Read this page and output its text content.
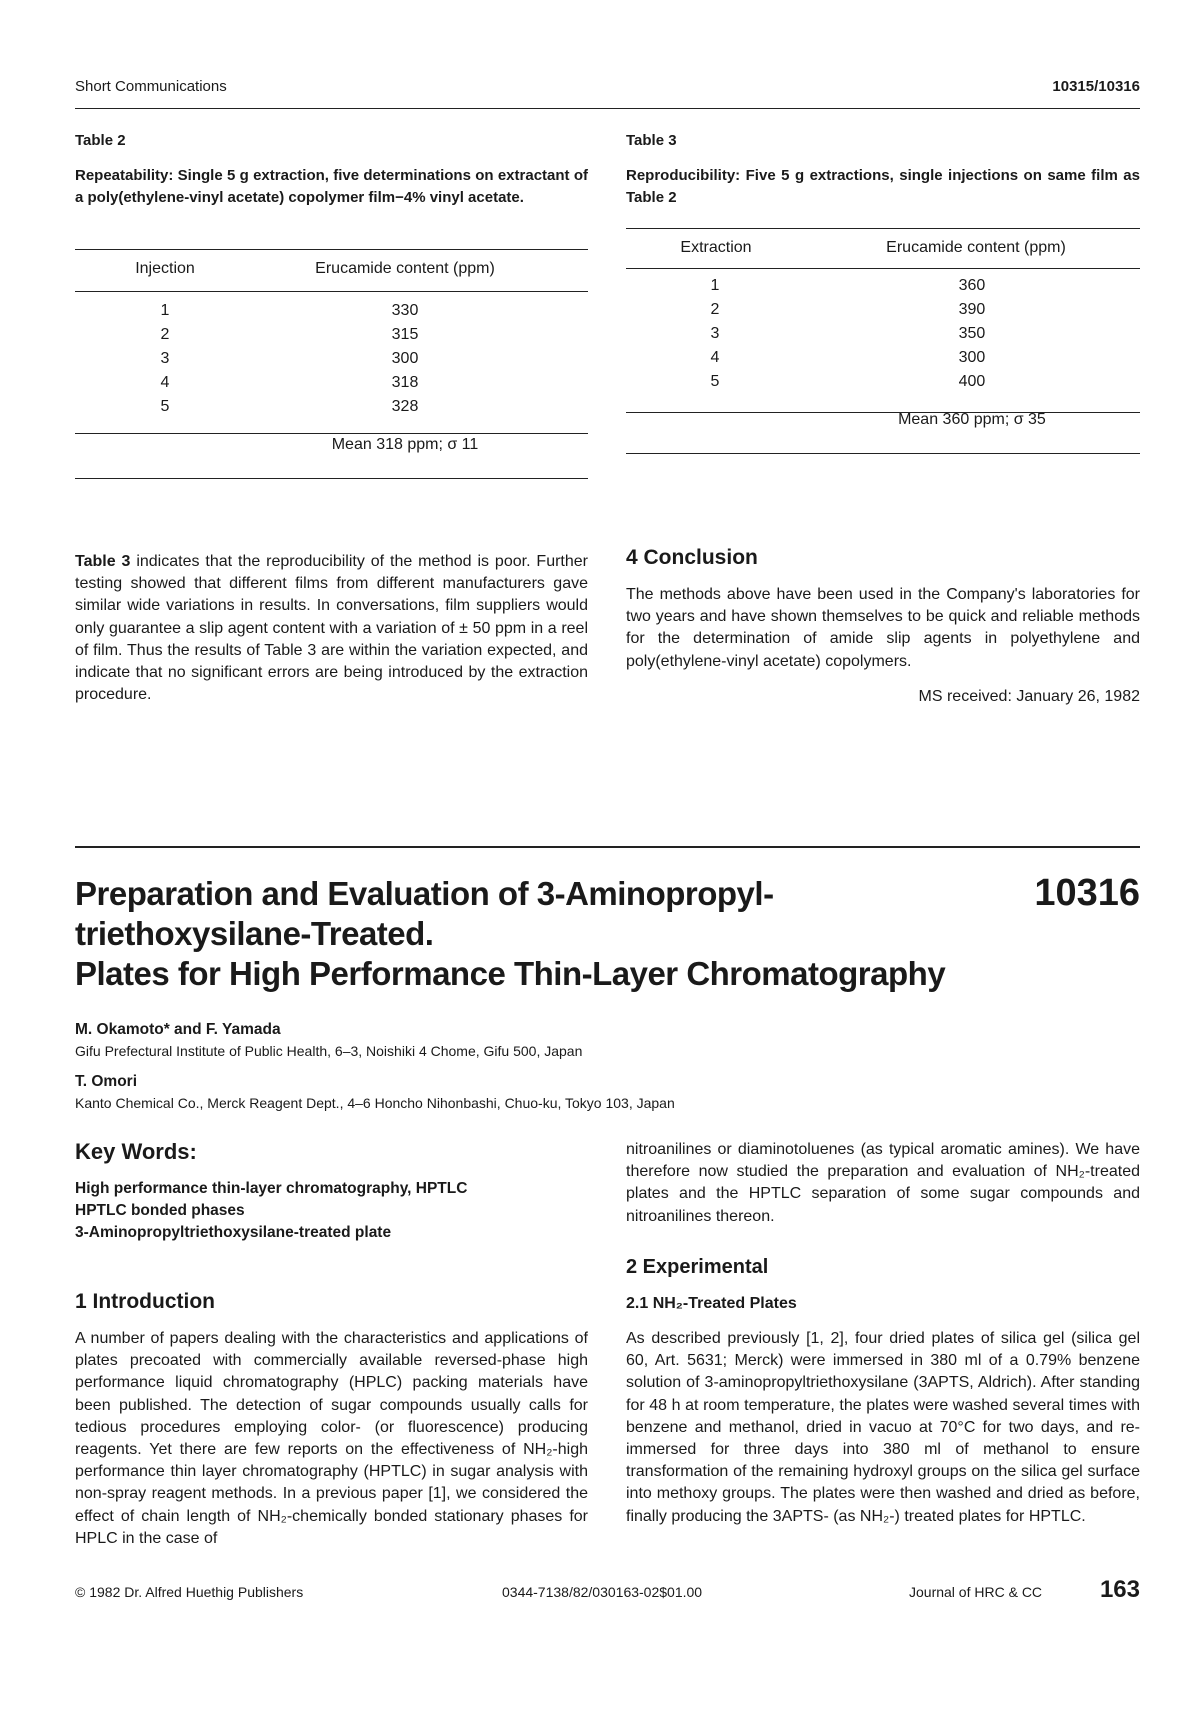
Short Communications	10315/10316
Table 2
Repeatability: Single 5 g extraction, five determinations on extractant of a poly(ethylene-vinyl acetate) copolymer film−4% vinyl acetate.
Injection	Erucamide content (ppm)
1	330
2	315
3	300
4	318
5	328
Mean 318 ppm; σ 11
Table 3
Reproducibility: Five 5 g extractions, single injections on same film as Table 2
Extraction	Erucamide content (ppm)
1	360
2	390
3	350
4	300
5	400
Mean 360 ppm; σ 35
Table 3 indicates that the reproducibility of the method is poor. Further testing showed that different films from different manufacturers gave similar wide variations in results. In conversations, film suppliers would only guarantee a slip agent content with a variation of ± 50 ppm in a reel of film. Thus the results of Table 3 are within the variation expected, and indicate that no significant errors are being introduced by the extraction procedure.
4 Conclusion
The methods above have been used in the Company's laboratories for two years and have shown themselves to be quick and reliable methods for the determination of amide slip agents in polyethylene and poly(ethylene-vinyl acetate) copolymers.
MS received: January 26, 1982
Preparation and Evaluation of 3-Aminopropyl-
triethoxysilane-Treated.
Plates for High Performance Thin-Layer Chromatography
10316
M. Okamoto* and F. Yamada
Gifu Prefectural Institute of Public Health, 6–3, Noishiki 4 Chome, Gifu 500, Japan
T. Omori
Kanto Chemical Co., Merck Reagent Dept., 4–6 Honcho Nihonbashi, Chuo-ku, Tokyo 103, Japan
Key Words:
High performance thin-layer chromatography, HPTLC
HPTLC bonded phases
3-Aminopropyltriethoxysilane-treated plate
1 Introduction
A number of papers dealing with the characteristics and applications of plates precoated with commercially available reversed-phase high performance liquid chromatography (HPLC) packing materials have been published. The detection of sugar compounds usually calls for tedious procedures employing color- (or fluorescence) producing reagents. Yet there are few reports on the effectiveness of NH₂-high performance thin layer chromatography (HPTLC) in sugar analysis with non-spray reagent methods. In a previous paper [1], we considered the effect of chain length of NH₂-chemically bonded stationary phases for HPLC in the case of
nitroanilines or diaminotoluenes (as typical aromatic amines). We have therefore now studied the preparation and evaluation of NH₂-treated plates and the HPTLC separation of some sugar compounds and nitroanilines thereon.
2 Experimental
2.1 NH₂-Treated Plates
As described previously [1, 2], four dried plates of silica gel (silica gel 60, Art. 5631; Merck) were immersed in 380 ml of a 0.79% benzene solution of 3-aminopropyltriethoxysilane (3APTS, Aldrich). After standing for 48 h at room temperature, the plates were washed several times with benzene and methanol, dried in vacuo at 70°C for two days, and re-immersed for three days into 380 ml of methanol to ensure transformation of the remaining hydroxyl groups on the silica gel surface into methoxy groups. The plates were then washed and dried as before, finally producing the 3APTS- (as NH₂-) treated plates for HPTLC.
© 1982 Dr. Alfred Huethig Publishers	0344-7138/82/030163-02$01.00	Journal of HRC & CC 163
